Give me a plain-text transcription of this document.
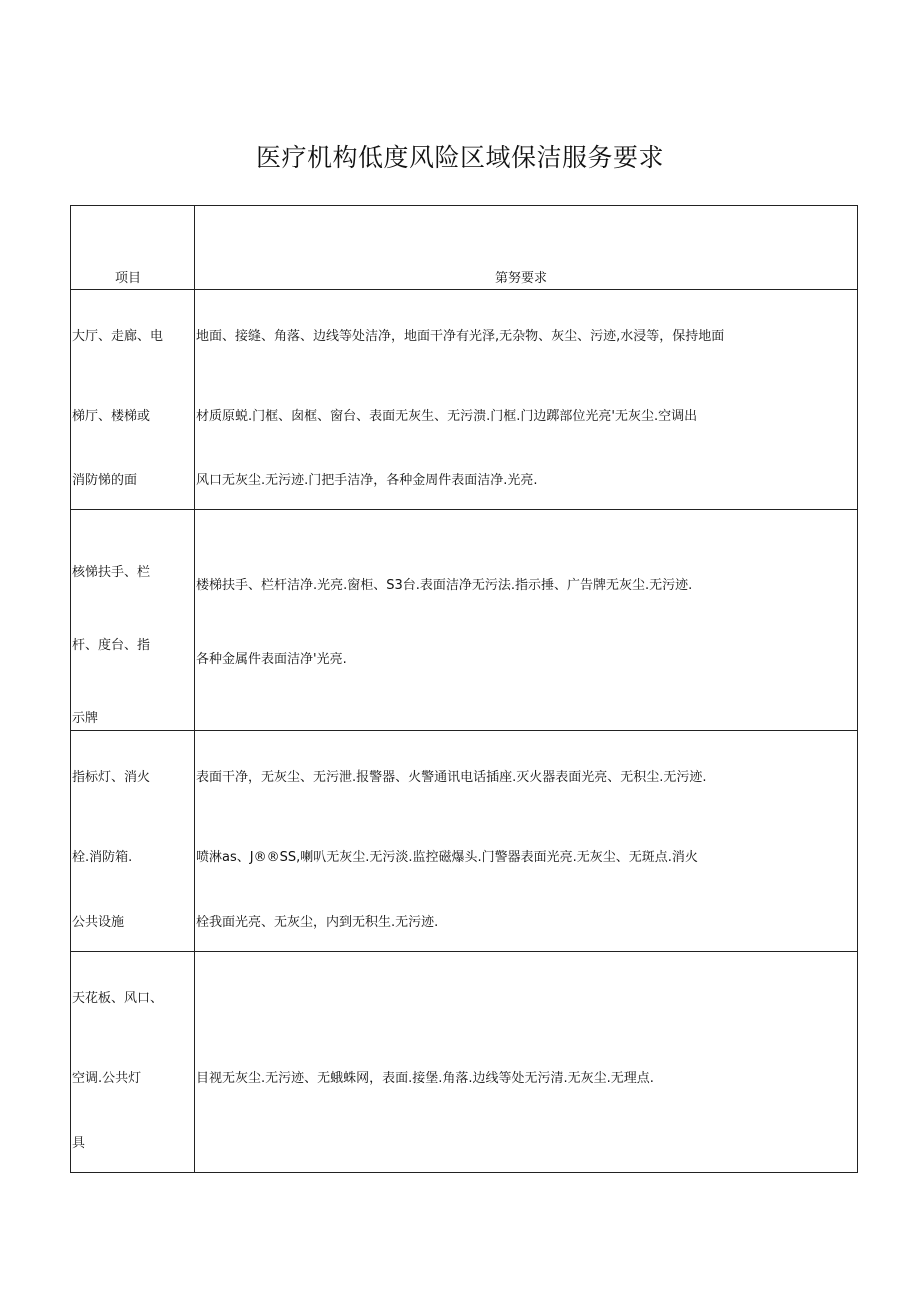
医疗机构低度风险区域保洁服务要求
项目	第努要求
大厅、走廊、电
梯厅、楼梯或
消防悌的面
地面、接缝、角落、边线等处洁净，地面干净有光泽,无杂物、灰尘、污迹,水浸等，保持地面
材质原蜕.门框、囱框、窗台、表面无灰生、无污溃.门框.门边踯部位光亮'无灰尘.空调出
风口无灰尘.无污迹.门把手洁净，各种金周件表面洁净.光亮.
核悌扶手、栏
杆、度台、指
示牌
楼梯扶手、栏杆洁净.光亮.窗柜、S3台.表面洁净无污法.指示捶、广告牌无灰尘.无污迹.
各种金属件表面洁净'光亮.
指标灯、消火
栓.消防箱.
公共设施
表面干净，无灰尘、无污泄.报警器、火警通讯电话插座.灭火器表面光亮、无积尘.无污迹.
喷淋as、J®®SS,喇叭无灰尘.无污淡.监控磁爆头.门警器表面光亮.无灰尘、无斑点.消火
栓我面光亮、无灰尘，内到无积生.无污迹.
天花板、风口、
空调.公共灯
具
目视无灰尘.无污迹、无蛾蛛网，表面.接堡.角落.边线等处无污清.无灰尘.无理点.
